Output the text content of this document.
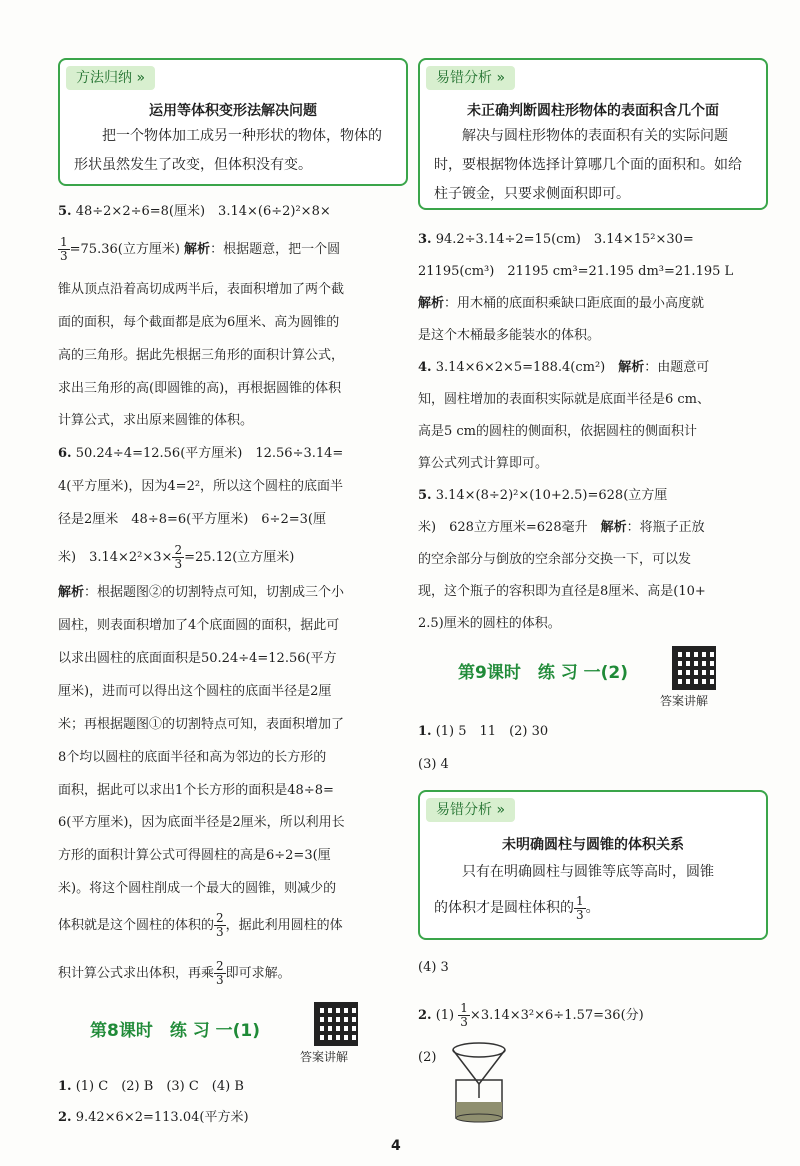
方法归纳 »
运用等体积变形法解决问题
把一个物体加工成另一种形状的物体，物体的形状虽然发生了改变，但体积没有变。
5. 48÷2×2÷6=8(厘米)　3.14×(6÷2)²×8×
$\frac{1}{3} =75.36$(立方厘米) 解析：根据题意，把一个圆
锥从顶点沿着高切成两半后，表面积增加了两个截
面的面积，每个截面都是底为6厘米、高为圆锥的
高的三角形。据此先根据三角形的面积计算公式，
求出三角形的高(即圆锥的高)，再根据圆锥的体积
计算公式，求出原来圆锥的体积。
6. 50.24÷4=12.56(平方厘米)　12.56÷3.14=
4(平方厘米)，因为4=2²，所以这个圆柱的底面半
径是2厘米　48÷8=6(平方厘米)　6÷2=3(厘
米)　$3.14\times 2^2\times 3\times \frac{2}{3} =25.12$(立方厘米)
解析：根据题图②的切割特点可知，切割成三个小
圆柱，则表面积增加了4个底面圆的面积，据此可
以求出圆柱的底面面积是50.24÷4=12.56(平方
厘米)，进而可以得出这个圆柱的底面半径是2厘
米；再根据题图①的切割特点可知，表面积增加了
8个均以圆柱的底面半径和高为邻边的长方形的
面积，据此可以求出1个长方形的面积是48÷8=
6(平方厘米)，因为底面半径是2厘米，所以利用长
方形的面积计算公式可得圆柱的高是6÷2=3(厘
米)。将这个圆柱削成一个最大的圆锥，则减少的
体积就是这个圆柱的体积的 $\frac{2}{3}$ ，据此利用圆柱的体
积计算公式求出体积，再乘 $\frac{2}{3}$ 即可求解。
第8课时　练 习 一(1)
答案讲解
1. (1) C　(2) B　(3) C　(4) B
2. 9.42×6×2=113.04(平方米)
易错分析 »
未正确判断圆柱形物体的表面积含几个面
解决与圆柱形物体的表面积有关的实际问题时，要根据物体选择计算哪几个面的面积和。如给柱子镀金，只要求侧面积即可。
3. 94.2÷3.14÷2=15(cm)　3.14×15²×30=
21195(cm³)　21195 cm³=21.195 dm³=21.195 L
解析：用木桶的底面积乘缺口距底面的最小高度就
是这个木桶最多能装水的体积。
4. 3.14×6×2×5=188.4(cm²)　解析：由题意可
知，圆柱增加的表面积实际就是底面半径是6 cm、
高是5 cm的圆柱的侧面积，依据圆柱的侧面积计
算公式列式计算即可。
5. 3.14×(8÷2)²×(10+2.5)=628(立方厘
米)　628立方厘米=628毫升　解析：将瓶子正放
的空余部分与倒放的空余部分交换一下，可以发
现，这个瓶子的容积即为直径是8厘米、高是(10+
2.5)厘米的圆柱的体积。
第9课时　练 习 一(2)
答案讲解
1. (1) 5　11　(2) 30
(3) 4
易错分析 »
未明确圆柱与圆锥的体积关系
只有在明确圆柱与圆锥等底等高时，圆锥
的体积才是圆柱体积的 $\frac{1}{3}$ 。
(4) 3
2. $(1) \frac{1}{3} \times 3.14\times 3^2\times 6\div 1.57=36$(分)
(2)
4
